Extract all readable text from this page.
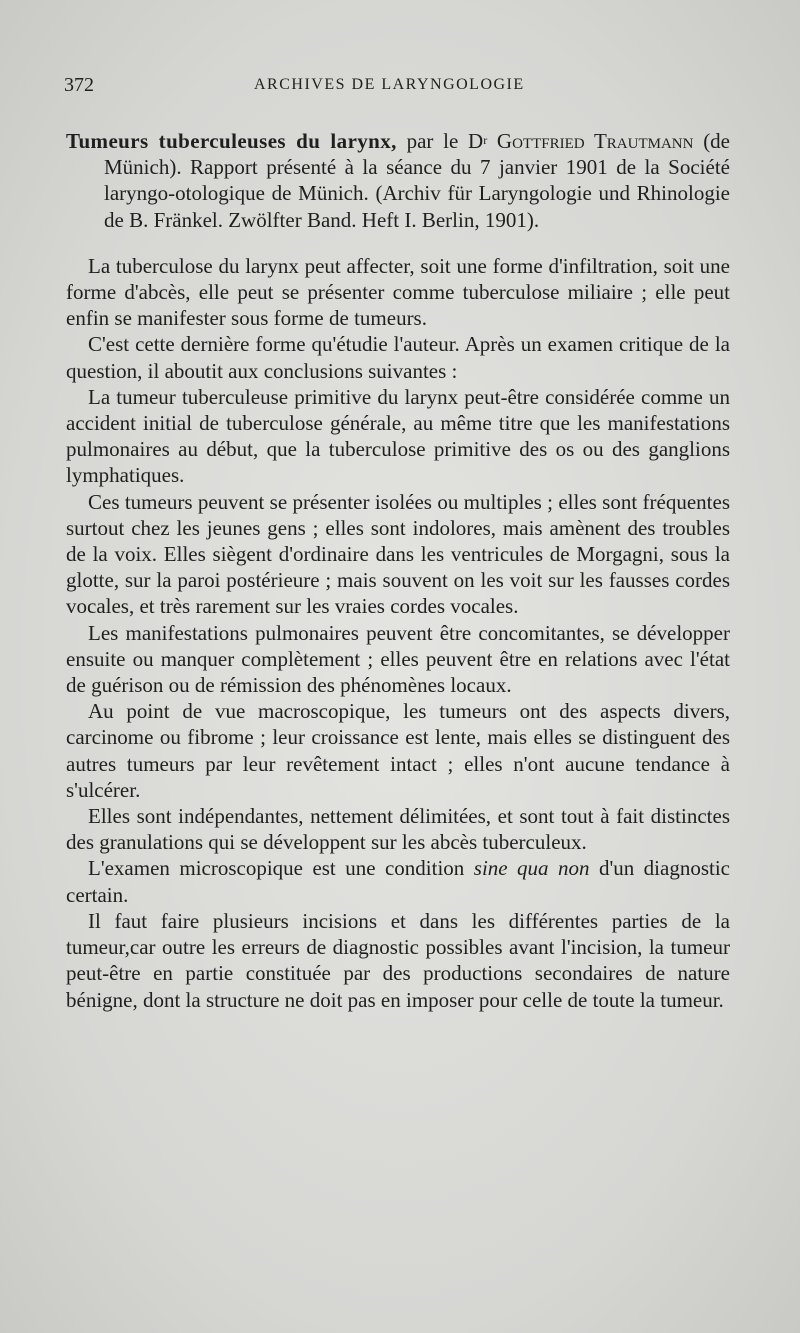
372	ARCHIVES DE LARYNGOLOGIE

Tumeurs tuberculeuses du larynx, par le $D^r$ Gottfried Trautmann (de Münich). Rapport présenté à la séance du 7 janvier 1901 de la Société laryngo-otologique de Münich. (Archiv für Laryngologie und Rhinologie de B. Fränkel. Zwölfter Band. Heft I. Berlin, 1901).

La tuberculose du larynx peut affecter, soit une forme d'infiltration, soit une forme d'abcès, elle peut se présenter comme tuberculose miliaire ; elle peut enfin se manifester sous forme de tumeurs.

C'est cette dernière forme qu'étudie l'auteur. Après un examen critique de la question, il aboutit aux conclusions suivantes :

La tumeur tuberculeuse primitive du larynx peut-être considérée comme un accident initial de tuberculose générale, au même titre que les manifestations pulmonaires au début, que la tuberculose primitive des os ou des ganglions lymphatiques.

Ces tumeurs peuvent se présenter isolées ou multiples ; elles sont fréquentes surtout chez les jeunes gens ; elles sont indolores, mais amènent des troubles de la voix. Elles siègent d'ordinaire dans les ventricules de Morgagni, sous la glotte, sur la paroi postérieure ; mais souvent on les voit sur les fausses cordes vocales, et très rarement sur les vraies cordes vocales.

Les manifestations pulmonaires peuvent être concomitantes, se développer ensuite ou manquer complètement ; elles peuvent être en relations avec l'état de guérison ou de rémission des phénomènes locaux.

Au point de vue macroscopique, les tumeurs ont des aspects divers, carcinome ou fibrome ; leur croissance est lente, mais elles se distinguent des autres tumeurs par leur revêtement intact ; elles n'ont aucune tendance à s'ulcérer.

Elles sont indépendantes, nettement délimitées, et sont tout à fait distinctes des granulations qui se développent sur les abcès tuberculeux.

L'examen microscopique est une condition sine qua non d'un diagnostic certain.

Il faut faire plusieurs incisions et dans les différentes parties de la tumeur,car outre les erreurs de diagnostic possibles avant l'incision, la tumeur peut-être en partie constituée par des productions secondaires de nature bénigne, dont la structure ne doit pas en imposer pour celle de toute la tumeur.
